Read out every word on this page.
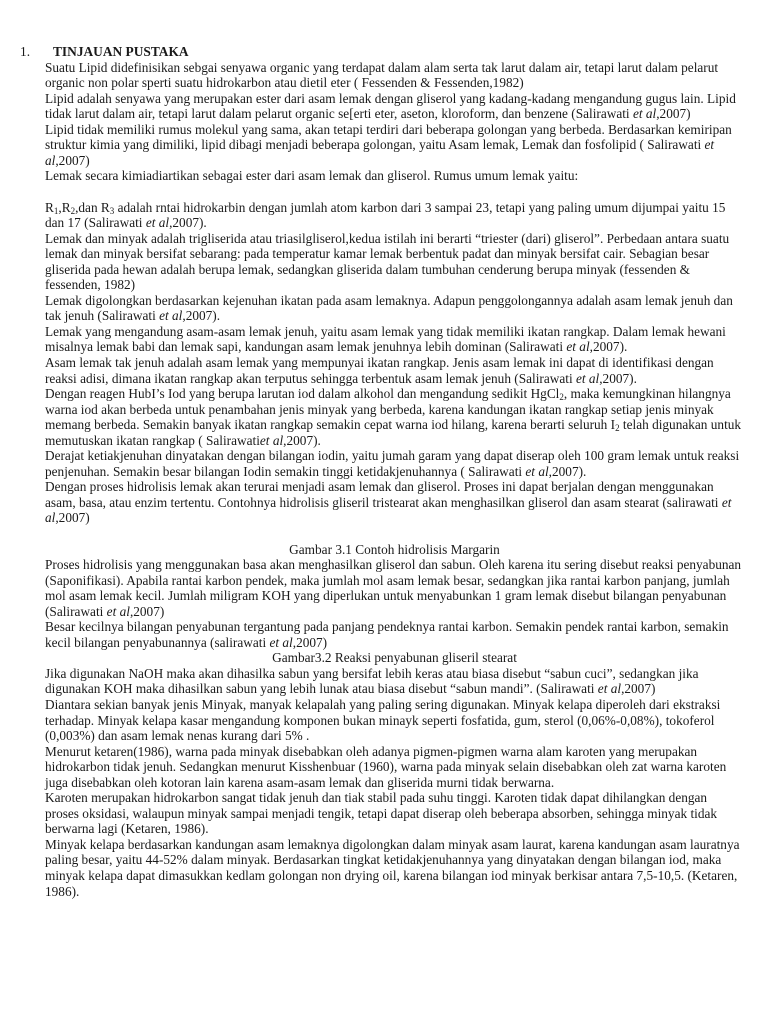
1.	TINJAUAN PUSTAKA

Suatu Lipid didefinisikan sebgai senyawa organic yang terdapat dalam alam serta tak larut dalam air, tetapi larut dalam pelarut organic non polar sperti suatu hidrokarbon atau dietil eter ( Fessenden & Fessenden,1982)

Lipid adalah senyawa yang merupakan ester dari asam lemak dengan gliserol yang kadang-kadang mengandung gugus lain. Lipid tidak larut dalam air, tetapi larut dalam pelarut organic se[erti eter, aseton, kloroform, dan benzene (Salirawati et al,2007)

Lipid tidak memiliki rumus molekul yang sama, akan tetapi terdiri dari beberapa golongan yang berbeda. Berdasarkan kemiripan struktur kimia yang dimiliki, lipid dibagi menjadi beberapa golongan, yaitu Asam lemak, Lemak dan fosfolipid ( Salirawati et al,2007)

Lemak secara kimiadiartikan sebagai ester dari asam lemak dan gliserol. Rumus umum lemak yaitu:

$R_1,R_2,dan$ $R_3$ adalah rntai hidrokarbin dengan jumlah atom karbon dari 3 sampai 23, tetapi yang paling umum dijumpai yaitu 15 dan 17 (Salirawati et al,2007).

Lemak dan minyak adalah trigliserida atau triasilgliserol,kedua istilah ini berarti “triester (dari) gliserol”. Perbedaan antara suatu lemak dan minyak bersifat sebarang: pada temperatur kamar lemak berbentuk padat dan minyak bersifat cair. Sebagian besar gliserida pada hewan adalah berupa lemak, sedangkan gliserida dalam tumbuhan cenderung berupa minyak (fessenden & fessenden, 1982)

Lemak digolongkan berdasarkan kejenuhan ikatan pada asam lemaknya. Adapun penggolongannya adalah asam lemak jenuh dan tak jenuh (Salirawati et al,2007).

Lemak yang mengandung asam-asam lemak jenuh, yaitu asam lemak yang tidak memiliki ikatan rangkap. Dalam lemak hewani misalnya lemak babi dan lemak sapi, kandungan asam lemak jenuhnya lebih dominan (Salirawati et al,2007).

Asam lemak tak jenuh adalah asam lemak yang mempunyai ikatan rangkap. Jenis asam lemak ini dapat di identifikasi dengan reaksi adisi, dimana ikatan rangkap akan terputus sehingga terbentuk asam lemak jenuh (Salirawati et al,2007).

Dengan reagen HubI’s Iod yang berupa larutan iod dalam alkohol dan mengandung sedikit HgCl$_2$, maka kemungkinan hilangnya warna iod akan berbeda untuk penambahan jenis minyak yang berbeda, karena kandungan ikatan rangkap setiap jenis minyak memang berbeda. Semakin banyak ikatan rangkap semakin cepat warna iod hilang, karena berarti seluruh $I_2$ telah digunakan untuk memutuskan ikatan rangkap ( Salirawatiet al,2007).

Derajat ketiakjenuhan dinyatakan dengan bilangan iodin, yaitu jumah garam yang dapat diserap oleh 100 gram lemak untuk reaksi penjenuhan. Semakin besar bilangan Iodin semakin tinggi ketidakjenuhannya ( Salirawati et al,2007).

Dengan proses hidrolisis lemak akan terurai menjadi asam lemak dan gliserol. Proses ini dapat berjalan dengan menggunakan asam, basa, atau enzim tertentu. Contohnya hidrolisis gliseril tristearat akan menghasilkan gliserol dan asam stearat (salirawati et al,2007)

Gambar 3.1 Contoh hidrolisis Margarin

Proses hidrolisis yang menggunakan basa akan menghasilkan gliserol dan sabun. Oleh karena itu sering disebut reaksi penyabunan (Saponifikasi). Apabila rantai karbon pendek, maka jumlah mol asam lemak besar, sedangkan jika rantai karbon panjang, jumlah mol asam lemak kecil. Jumlah miligram KOH yang diperlukan untuk menyabunkan 1 gram lemak disebut bilangan penyabunan (Salirawati et al,2007)

Besar kecilnya bilangan penyabunan tergantung pada panjang pendeknya rantai karbon. Semakin pendek rantai karbon, semakin kecil bilangan penyabunannya (salirawati et al,2007)

Gambar3.2 Reaksi penyabunan gliseril stearat

Jika digunakan NaOH maka akan dihasilka sabun yang bersifat lebih keras atau biasa disebut “sabun cuci”, sedangkan jika digunakan KOH maka dihasilkan sabun yang lebih lunak atau biasa disebut “sabun mandi”. (Salirawati et al,2007)

Diantara sekian banyak jenis Minyak, manyak kelapalah yang paling sering digunakan. Minyak kelapa diperoleh dari ekstraksi terhadap. Minyak kelapa kasar mengandung komponen bukan minayk seperti fosfatida, gum, sterol (0,06%-0,08%), tokoferol (0,003%) dan asam lemak nenas kurang dari 5% .

Menurut ketaren(1986), warna pada minyak disebabkan oleh adanya pigmen-pigmen warna alam karoten yang merupakan hidrokarbon tidak jenuh. Sedangkan menurut Kisshenbuar (1960), warna pada minyak selain disebabkan oleh zat warna karoten juga disebabkan oleh kotoran lain karena asam-asam lemak dan gliserida murni tidak berwarna.

Karoten merupakan hidrokarbon sangat tidak jenuh dan tiak stabil pada suhu tinggi. Karoten tidak dapat dihilangkan dengan proses oksidasi, walaupun minyak sampai menjadi tengik, tetapi dapat diserap oleh beberapa absorben, sehingga minyak tidak berwarna lagi (Ketaren, 1986).

Minyak kelapa berdasarkan kandungan asam lemaknya digolongkan dalam minyak asam laurat, karena kandungan asam lauratnya paling besar, yaitu 44-52% dalam minyak. Berdasarkan tingkat ketidakjenuhannya yang dinyatakan dengan bilangan iod, maka minyak kelapa dapat dimasukkan kedlam golongan non drying oil, karena bilangan iod minyak berkisar antara 7,5-10,5. (Ketaren, 1986).
